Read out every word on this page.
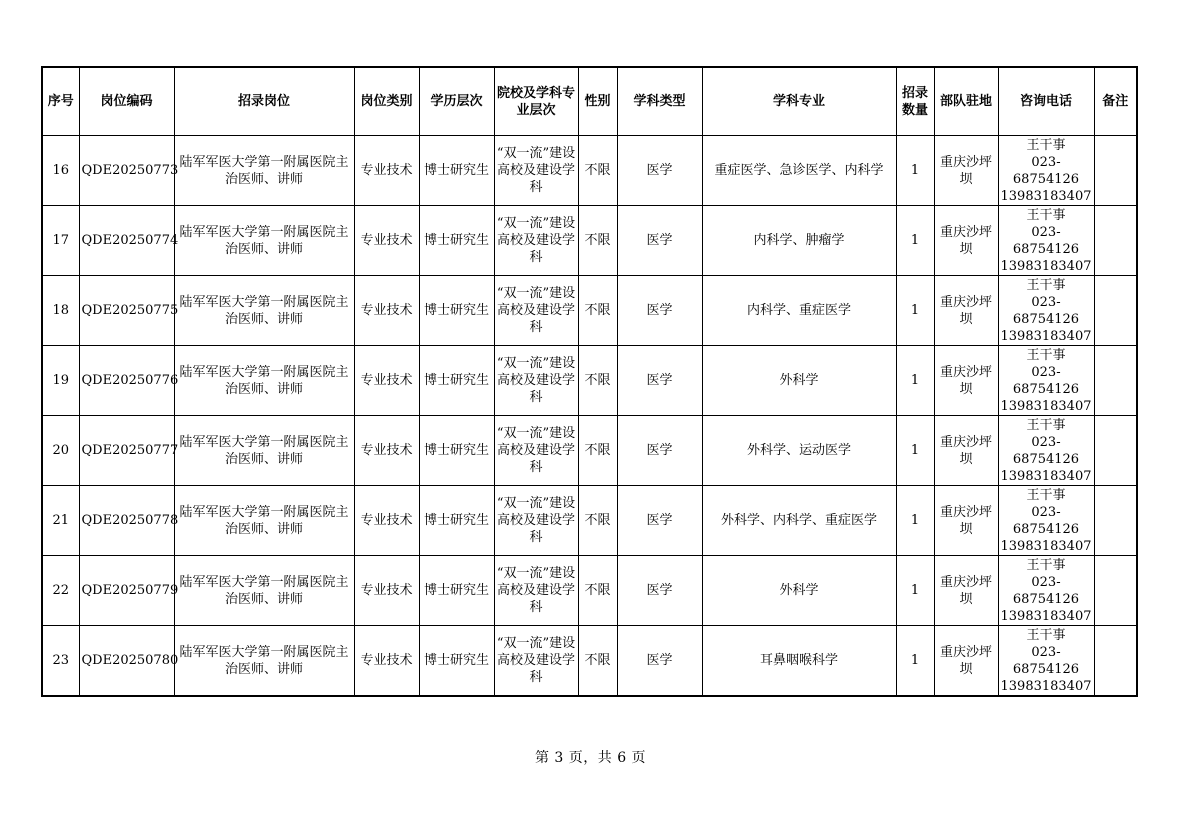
序号	岗位编码	招录岗位	岗位类别	学历层次	院校及学科专业层次	性别	学科类型	学科专业	招录数量	部队驻地	咨询电话	备注
16	QDE20250773	陆军军医大学第一附属医院主治医师、讲师	专业技术	博士研究生	“双一流”建设高校及建设学科	不限	医学	重症医学、急诊医学、内科学	1	重庆沙坪坝	王干事
023-68754126
13983183407	

17	QDE20250774	陆军军医大学第一附属医院主治医师、讲师	专业技术	博士研究生	“双一流”建设高校及建设学科	不限	医学	内科学、肿瘤学	1	重庆沙坪坝	王干事
023-68754126
13983183407	

18	QDE20250775	陆军军医大学第一附属医院主治医师、讲师	专业技术	博士研究生	“双一流”建设高校及建设学科	不限	医学	内科学、重症医学	1	重庆沙坪坝	王干事
023-68754126
13983183407	

19	QDE20250776	陆军军医大学第一附属医院主治医师、讲师	专业技术	博士研究生	“双一流”建设高校及建设学科	不限	医学	外科学	1	重庆沙坪坝	王干事
023-68754126
13983183407	

20	QDE20250777	陆军军医大学第一附属医院主治医师、讲师	专业技术	博士研究生	“双一流”建设高校及建设学科	不限	医学	外科学、运动医学	1	重庆沙坪坝	王干事
023-68754126
13983183407	

21	QDE20250778	陆军军医大学第一附属医院主治医师、讲师	专业技术	博士研究生	“双一流”建设高校及建设学科	不限	医学	外科学、内科学、重症医学	1	重庆沙坪坝	王干事
023-68754126
13983183407	

22	QDE20250779	陆军军医大学第一附属医院主治医师、讲师	专业技术	博士研究生	“双一流”建设高校及建设学科	不限	医学	外科学	1	重庆沙坪坝	王干事
023-68754126
13983183407	

23	QDE20250780	陆军军医大学第一附属医院主治医师、讲师	专业技术	博士研究生	“双一流”建设高校及建设学科	不限	医学	耳鼻咽喉科学	1	重庆沙坪坝	王干事
023-68754126
13983183407	

第 3 页，共 6 页
